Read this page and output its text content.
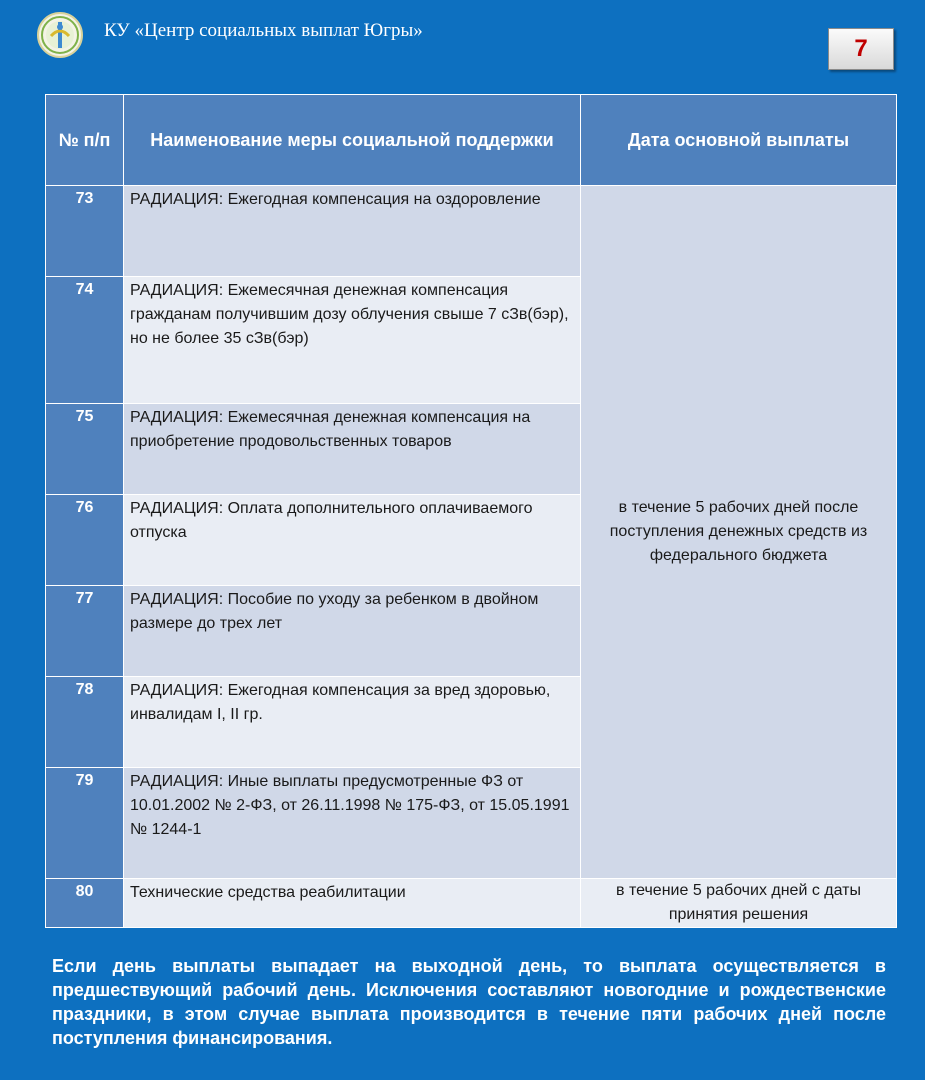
КУ «Центр социальных выплат Югры»
7
№ п/п	Наименование меры социальной поддержки	Дата основной выплаты
73	РАДИАЦИЯ: Ежегодная компенсация на оздоровление	в течение 5 рабочих дней после поступления денежных средств из федерального бюджета
74	РАДИАЦИЯ: Ежемесячная денежная компенсация гражданам получившим дозу облучения свыше 7 сЗв(бэр), но не более 35 сЗв(бэр)	
75	РАДИАЦИЯ: Ежемесячная денежная компенсация на приобретение продовольственных товаров	
76	РАДИАЦИЯ: Оплата дополнительного оплачиваемого отпуска	
77	РАДИАЦИЯ: Пособие по уходу за ребенком в двойном размере до трех лет	
78	РАДИАЦИЯ: Ежегодная компенсация за вред здоровью, инвалидам I, II гр.	
79	РАДИАЦИЯ: Иные выплаты предусмотренные ФЗ от 10.01.2002 № 2-ФЗ, от 26.11.1998 № 175-ФЗ, от 15.05.1991 № 1244-1	
80	Технические средства реабилитации	в течение 5 рабочих дней с даты принятия решения
Если день выплаты выпадает на выходной день, то выплата осуществляется в предшествующий рабочий день. Исключения составляют новогодние и рождественские праздники, в этом случае выплата производится в течение пяти рабочих дней после поступления финансирования.
